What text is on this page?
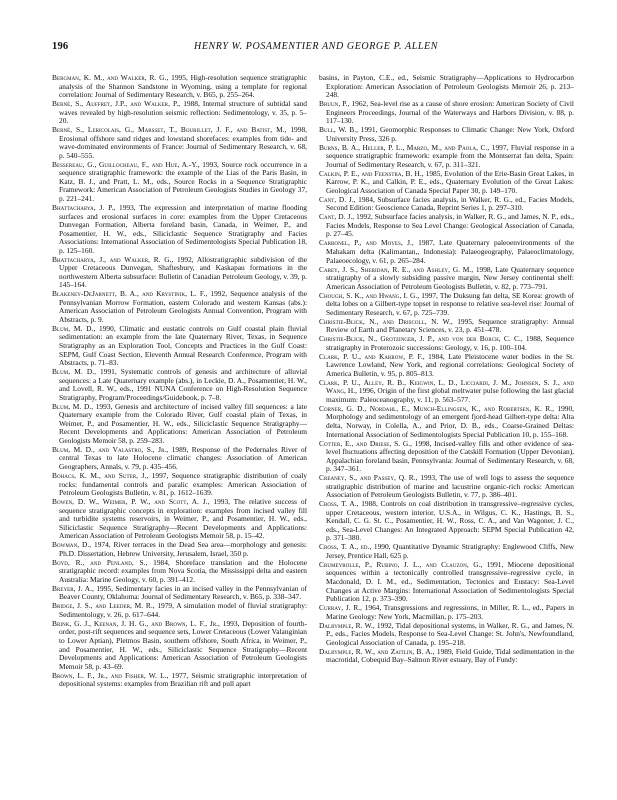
196	HENRY W. POSAMENTIER AND GEORGE P. ALLEN

Bergman, K. M., and Walker, R. G., 1995, High-resolution sequence stratigraphic analysis of the Shannon Sandstone in Wyoming, using a template for regional correlation: Journal of Sedimentary Research, v. B65, p. 255–264.

Berné, S., Auffret, J.P., and Walker, P., 1988, Internal structure of subtidal sand waves revealed by high-resolution seismic reflection: Sedimentology, v. 35, p. 5–20.

Berné, S., Lericolais, G., Marsset, T., Bourillet, J. F., and Batist, M., 1998, Erosional offshore sand ridges and lowstand shorefaces: examples from tide- and wave-dominated environments of France: Journal of Sedimentary Research, v. 68, p. 540–555.

Bessereau, G., Guillocheau, F., and Hue, A.-Y., 1993, Source rock occurrence in a sequence stratigraphic framework: the example of the Lias of the Paris Basin, in Katz, B. J., and Pratt, L. M., eds., Source Rocks in a Sequence Stratigraphic Framework: American Association of Petroleum Geologists Studies in Geology 37, p. 221–241.

Bhattacharya, J. P., 1993, The expression and interpretation of marine flooding surfaces and erosional surfaces in core: examples from the Upper Cretaceous Dunvegan Formation, Alberta foreland basin, Canada, in Weimer, P., and Posamentier, H. W., eds., Siliciclastic Sequence Stratigraphy and Facies Associations: International Association of Sedimentologists Special Publication 18, p. 125–160.

Bhattacharya, J., and Walker, R. G., 1992, Allostratigraphic subdivision of the Upper Cretaceous Dunvegan, Shaftesbury, and Kaskapau formations in the northwestern Alberta subsurface: Bulletin of Canadian Petroleum Geology, v. 39, p. 145–164.

Blakeney-DeJarnett, B. A., and Krystinik, L. F., 1992, Sequence analysis of the Pennsylvanian Morrow Formation, eastern Colorado and western Kansas (abs.): American Association of Petroleum Geologists Annual Convention, Program with Abstracts, p. 9.

Blum, M. D., 1990, Climatic and eustatic controls on Gulf coastal plain fluvial sedimentation: an example from the late Quaternary River, Texas, in Sequence Stratigraphy as an Exploration Tool, Concepts and Practices in the Gulf Coast: SEPM, Gulf Coast Section, Eleventh Annual Research Conference, Program with Abstracts, p. 71–83.

Blum, M. D., 1991, Systematic controls of genesis and architecture of alluvial sequences: a Late Quaternary example (abs.), in Leckie, D. A., Posamentier, H. W., and Lovell, R. W., eds., 1991 NUNA Conference on High-Resolution Sequence Stratigraphy, Program/Proceedings/Guidebook, p. 7–8.

Blum, M. D., 1993, Genesis and architecture of incised valley fill sequences: a late Quaternary example from the Colorado River, Gulf coastal plain of Texas, in Weimer, P., and Posamentier, H. W., eds., Siliciclastic Sequence Stratigraphy—Recent Developments and Applications: American Association of Petroleum Geologists Memoir 58, p. 259–283.

Blum, M. D., and Valastro, S., Jr., 1989, Response of the Pedernales River of central Texas to late Holocene climatic changes: Association of American Geographers, Annals, v. 79, p. 435–456.

Bohacs, K. M., and Suter, J., 1997, Sequence stratigraphic distribution of coaly rocks: fundamental controls and paralic examples: American Association of Petroleum Geologists Bulletin, v. 81, p. 1612–1639.

Bowen, D. W., Weimer, P. W., and Scott, A. J., 1993, The relative success of sequence stratigraphic concepts in exploration: examples from incised valley fill and turbidite systems reservoirs, in Weimer, P., and Posamentier, H. W., eds., Siliciclastic Sequence Stratigraphy—Recent Developments and Applications: American Association of Petroleum Geologists Memoir 58, p. 15–42.

Bowman, D., 1974, River terraces in the Dead Sea area—morphology and genesis: Ph.D. Dissertation, Hebrew University, Jerusalem, Israel, 350 p.

Boyd, R., and Penland, S., 1984, Shoreface translation and the Holocene stratigraphic record: examples from Nova Scotia, the Mississippi delta and eastern Australia: Marine Geology, v. 60, p. 391–412.

Breyer, J. A., 1995, Sedimentary facies in an incised valley in the Pennsylvanian of Beaver County, Oklahoma: Journal of Sedimentary Research, v. B65, p. 338–347.

Bridge, J. S., and Leeder, M. R., 1979, A simulation model of fluvial stratigraphy: Sedimentology, v. 26, p. 617–644.

Brink, G. J., Keenan, J. H. G., and Brown, L. F., Jr., 1993, Deposition of fourth-order, post-rift sequences and sequence sets, Lower Cretaceous (Lower Valanginian to Lower Aptian), Pletmos Basin, southern offshore, South Africa, in Weimer, P., and Posamentier, H. W., eds., Siliciclastic Sequence Stratigraphy—Recent Developments and Applications: American Association of Petroleum Geologists Memoir 58, p. 43–69.

Brown, L. F., Jr., and Fisher, W. L., 1977, Seismic stratigraphic interpretation of depositional systems: examples from Brazilian rift and pull apart

basins, in Payton, C.E., ed., Seismic Stratigraphy—Applications to Hydrocarbon Exploration: American Association of Petroleum Geologists Memoir 26, p. 213–248.

Bruun, P., 1962, Sea-level rise as a cause of shore erosion: American Society of Civil Engineers Proceedings, Journal of the Waterways and Harbors Division, v. 88, p. 117–130.

Bull, W. B., 1991, Geomorphic Responses to Climatic Change: New York, Oxford University Press, 326 p.

Burns, B. A., Heller, P. L., Marzo, M., and Paola, C., 1997, Fluvial response in a sequence stratigraphic framework: example from the Montserrat fan delta, Spain: Journal of Sedimentary Research, v. 67, p. 311–321.

Calkin, P. E., and Feenstra, B. H., 1985, Evolution of the Erie-Basin Great Lakes, in Karrow, P. K., and Calkin, P. E., eds., Quaternary Evolution of the Great Lakes: Geological Association of Canada Special Paper 30, p. 149–170.

Cant, D. J., 1984, Subsurface facies analysis, in Walker, R. G., ed., Facies Models, Second Edition: Geoscience Canada, Reprint Series 1, p. 297–310.

Cant, D. J., 1992, Subsurface facies analysis, in Walker, R. G., and James, N. P., eds., Facies Models, Response to Sea Level Change: Geological Association of Canada, p. 27–45.

Carbonel, P., and Moyes, J., 1987, Late Quaternary paleoenvironments of the Mahakam delta (Kalimantan,, Indonesia): Palaeogeography, Palaeoclimatology, Palaeoecology, v. 61, p. 265–284.

Carey, J. S., Sheridan, R. E., and Ashley, G. M., 1998, Late Quaternary sequence stratigraphy of a slowly subsiding passive margin, New Jersey continental shelf: American Association of Petroleum Geologists Bulletin, v. 82, p. 773–791.

Chough, S. K., and Hwang, I. G., 1997, The Duksung fan delta, SE Korea: growth of delta lobes on a Gilbert-type topset in response to relative sea-level rise: Journal of Sedimentary Research, v. 67, p. 725–739.

Christie-Blick, N., and Driscoll, N. W., 1995, Sequence stratigraphy: Annual Review of Earth and Planetary Sciences, v. 23, p. 451–478.

Christie-Blick, N., Grotzinger, J. P., and von der Borch, C. C., 1988, Sequence stratigraphy in Proterozoic successions: Geology, v. 16, p. 100–104.

Clark, P. U., and Karrow, P. F., 1984, Late Pleistocene water bodies in the St. Lawrence Lowland, New York, and regional correlations: Geological Society of America Bulletin, v. 95, p. 805–813.

Clark, P. U., Alley, R. B., Keigwin, L. D., Licciardi, J. M., Johnsen, S. J., and Wang, H., 1996, Origin of the first global meltwater pulse following the last glacial maximum: Paleoceanography, v. 11, p. 563–577.

Corner, G. D., Nordahl, E., Munch-Ellingsen, K., and Robertsen, K. R., 1990, Morphology and sedimentology of an emergent fjord-head Gilbert-type delta: Alta delta, Norway, in Colella, A., and Prior, D. B., eds., Coarse-Grained Deltas: International Association of Sedimentologists Special Publication 10, p. 155–168.

Cotter, E., and Driese, S. G., 1998, Incised-valley fills and other evidence of sea-level fluctuations affecting deposition of the Catskill Formation (Upper Devonian), Appalachian foreland basin, Pennsylvania: Journal of Sedimentary Research, v. 68, p. 347–361.

Creaney, S., and Passey, Q. R., 1993, The use of well logs to assess the sequence stratigraphic distribution of marine and lacustrine organic-rich rocks: American Association of Petroleum Geologists Bulletin, v. 77, p. 386–401.

Cross, T. A., 1988, Controls on coal distribution in transgressive–regressive cycles, upper Cretaceous, western interior, U.S.A., in Wilgus, C. K., Hastings, B. S., Kendall, C. G. St. C., Posamentier, H. W., Ross, C. A., and Van Wagoner, J. C., eds., Sea-Level Changes: An Integrated Approach: SEPM Special Publication 42, p. 371–380.

Cross, T. A., ed., 1990, Quantitative Dynamic Stratigraphy: Englewood Cliffs, New Jersey, Prentice Hall, 625 p.

Crumeyrolle, P., Rubino, J. L., and Clauzon, G., 1991, Miocene depositional sequences within a tectonically controlled transgressive–regressive cycle, in Macdonald, D. I. M., ed., Sedimentation, Tectonics and Eustacy: Sea-Level Changes at Active Margins: International Association of Sedimentologists Special Publication 12, p. 373–390.

Curray, J. R., 1964, Transgressions and regressions, in Miller, R. L., ed., Papers in Marine Geology: New York, Macmillan, p. 175–203.

Dalrymple, R. W., 1992, Tidal depositional systems, in Walker, R. G., and James, N. P., eds., Facies Models, Response to Sea-Level Change: St. John's, Newfoundland, Geological Association of Canada, p. 195–218.

Dalrymple, R. W., and Zaitlin, B. A., 1989, Field Guide, Tidal sedimentation in the macrotidal, Cobequid Bay–Salmon River estuary, Bay of Fundy:
